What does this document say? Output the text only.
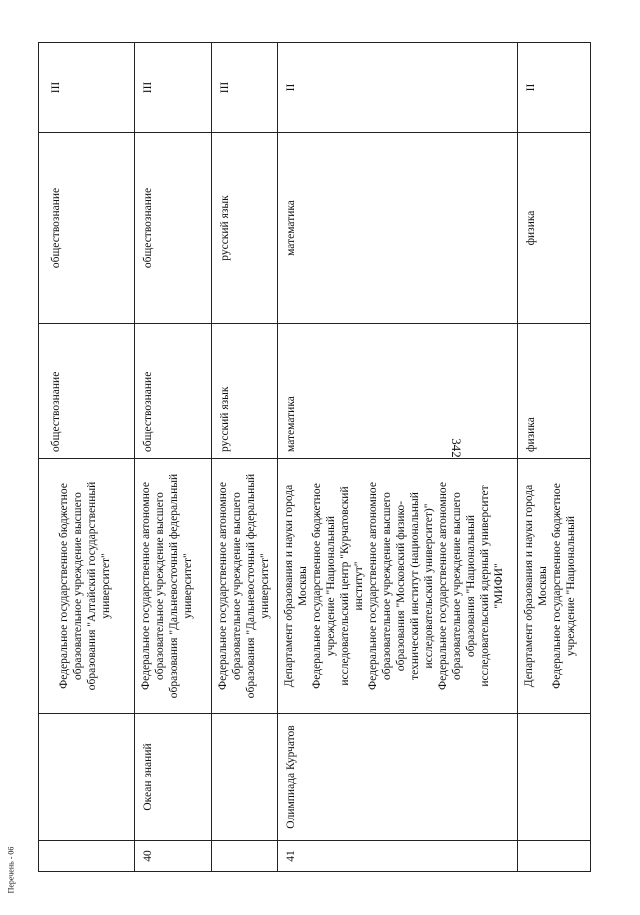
342
Перечень - 06
Федеральное государственное бюджетное образовательное учреждение высшего образования "Алтайский государственный университет"
обществознание
обществознание
III
40
Океан знаний
Федеральное государственное автономное образовательное учреждение высшего образования "Дальневосточный федеральный университет"
обществознание
обществознание
III
Федеральное государственное автономное образовательное учреждение высшего образования "Дальневосточный федеральный университет"
русский язык
русский язык
III
41
Олимпиада Курчатов
Департамент образования и науки города Москвы Федеральное государственное бюджетное учреждение "Национальный исследовательский центр "Курчатовский институт" Федеральное государственное автономное образовательное учреждение высшего образования "Московский физико- технический институт (национальный исследовательский университет)" Федеральное государственное автономное образовательное учреждение высшего образования "Национальный исследовательский ядерный университет "МИФИ"
математика
математика
II
Департамент образования и науки города Москвы Федеральное государственное бюджетное учреждение "Национальный
физика
физика
II
